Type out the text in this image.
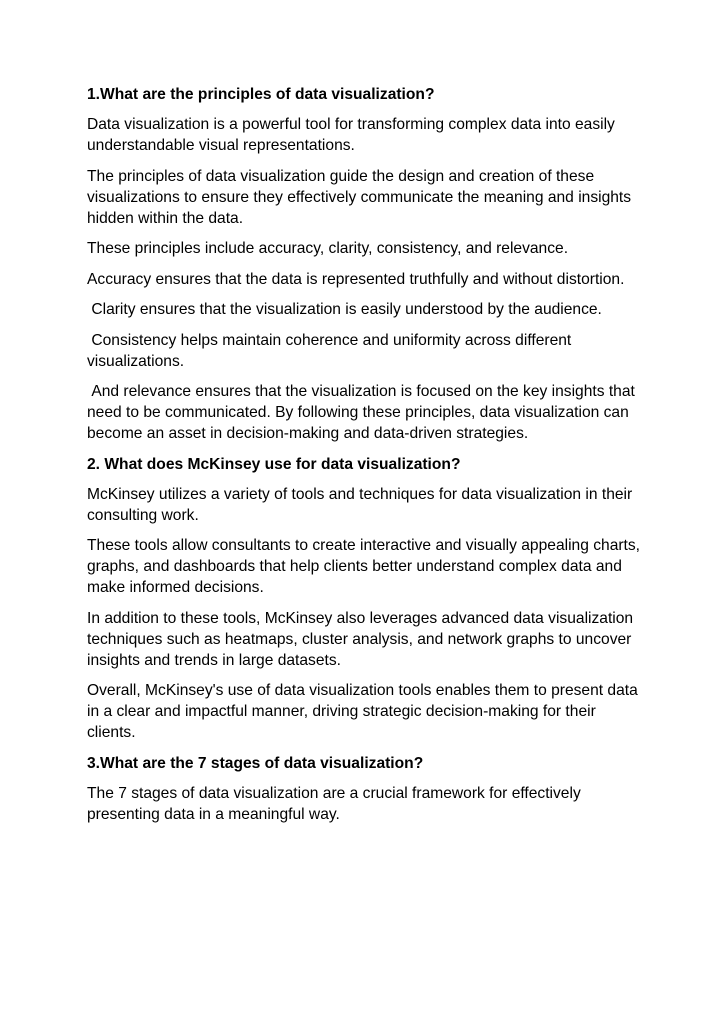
1.What are the principles of data visualization?
Data visualization is a powerful tool for transforming complex data into easily understandable visual representations.
The principles of data visualization guide the design and creation of these visualizations to ensure they effectively communicate the meaning and insights hidden within the data.
These principles include accuracy, clarity, consistency, and relevance.
Accuracy ensures that the data is represented truthfully and without distortion.
Clarity ensures that the visualization is easily understood by the audience.
Consistency helps maintain coherence and uniformity across different visualizations.
And relevance ensures that the visualization is focused on the key insights that need to be communicated. By following these principles, data visualization can become an asset in decision-making and data-driven strategies.
2. What does McKinsey use for data visualization?
McKinsey utilizes a variety of tools and techniques for data visualization in their consulting work.
These tools allow consultants to create interactive and visually appealing charts, graphs, and dashboards that help clients better understand complex data and make informed decisions.
In addition to these tools, McKinsey also leverages advanced data visualization techniques such as heatmaps, cluster analysis, and network graphs to uncover insights and trends in large datasets.
Overall, McKinsey's use of data visualization tools enables them to present data in a clear and impactful manner, driving strategic decision-making for their clients.
3.What are the 7 stages of data visualization?
The 7 stages of data visualization are a crucial framework for effectively presenting data in a meaningful way.
